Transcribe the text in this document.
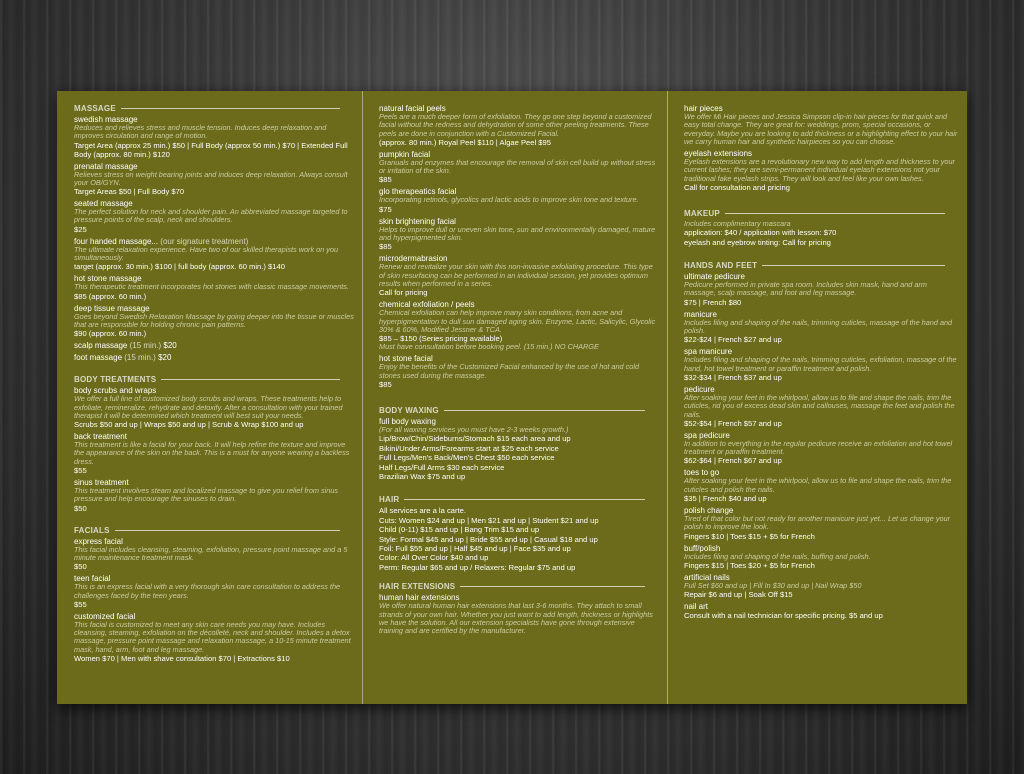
MASSAGE
swedish massage
Reduces and relieves stress and muscle tension. Induces deep relaxation and improves circulation and range of motion.
Target Area (approx 25 min.) $50 | Full Body (approx 50 min.) $70 | Extended Full Body (approx. 80 min.) $120
prenatal massage
Relieves stress on weight bearing joints and induces deep relaxation. Always consult your OB/GYN.
Target Areas $50 | Full Body $70
seated massage
The perfect solution for neck and shoulder pain. An abbreviated massage targeted to pressure points of the scalp, neck and shoulders.
$25
four handed massage... (our signature treatment)
The ultimate relaxation experience. Have two of our skilled therapists work on you simultaneously.
target (approx. 30 min.) $100 | full body (approx. 60 min.) $140
hot stone massage
This therapeutic treatment incorporates hot stones with classic massage movements.
$85 (approx. 60 min.)
deep tissue massage
Goes beyond Swedish Relaxation Massage by going deeper into the tissue or muscles that are responsible for holding chronic pain patterns.
$90 (approx. 60 min.)
scalp massage (15 min.) $20
foot massage (15 min.) $20
BODY TREATMENTS
body scrubs and wraps
We offer a full line of customized body scrubs and wraps. These treatments help to exfoliate, remineralize, rehydrate and detoxify. After a consultation with your trained therapist it will be determined which treatment will best suit your needs.
Scrubs $50 and up | Wraps $50 and up | Scrub & Wrap $100 and up
back treatment
This treatment is like a facial for your back. It will help refine the texture and improve the appearance of the skin on the back. This is a must for anyone wearing a backless dress.
$55
sinus treatment
This treatment involves steam and localized massage to give you relief from sinus pressure and help encourage the sinuses to drain.
$50
FACIALS
express facial
This facial includes cleansing, steaming, exfoliation, pressure point massage and a 5 minute maintenance treatment mask.
$50
teen facial
This is an express facial with a very thorough skin care consultation to address the challenges faced by the teen years.
$55
customized facial
This facial is customized to meet any skin care needs you may have. Includes cleansing, steaming, exfoliation on the décolleté, neck and shoulder. Includes a detox massage, pressure point massage and relaxation massage, a 10-15 minute treatment mask, hand, arm, foot and leg massage.
Women $70 | Men with shave consultation $70 | Extractions $10
natural facial peels
Peels are a much deeper form of exfoliation. They go one step beyond a customized facial without the redness and dehydration of some other peeling treatments. These peels are done in conjunction with a Customized Facial.
(approx. 80 min.) Royal Peel $110 | Algae Peel $95
pumpkin facial
Granuals and enzymes that encourage the removal of skin cell build up without stress or irritation of the skin.
$85
glo therapeatics facial
Incorporating retinols, glycolics and lactic acids to improve skin tone and texture.
$75
skin brightening facial
Helps to improve dull or uneven skin tone, sun and environmentally damaged, mature and hyperpigmented skin.
$85
microdermabrasion
Renew and revitalize your skin with this non-invasive exfoliating procedure. This type of skin resurfacing can be performed in an individual session, yet provides optimum results when performed in a series.
Call for pricing
chemical exfoliation / peels
Chemical exfoliation can help improve many skin conditions, from acne and hyperpigmentation to dull sun damaged aging skin. Enzyme, Lactic, Salicylic, Glycolic 30% & 60%, Modified Jessner & TCA.
$85 – $150 (Series pricing available)
Must have consultation before booking peel. (15 min.) NO CHARGE
hot stone facial
Enjoy the benefits of the Customized Facial enhanced by the use of hot and cold stones used during the massage.
$85
BODY WAXING
full body waxing
(For all waxing services you must have 2-3 weeks growth.)
Lip/Brow/Chin/Sideburns/Stomach $15 each area and up
Bikini/Under Arms/Forearms start at $25 each service
Full Legs/Men's Back/Men's Chest $50 each service
Half Legs/Full Arms $30 each service
Brazilian Wax $75 and up
HAIR
All services are a la carte.
Cuts: Women $24 and up | Men $21 and up | Student $21 and up
Child (0-11) $15 and up | Bang Trim $15 and up
Style: Formal $45 and up | Bride $55 and up | Casual $18 and up
Foil: Full $55 and up | Half $45 and up | Face $35 and up
Color: All Over Color $40 and up
Perm: Regular $65 and up / Relaxers: Regular $75 and up
HAIR EXTENSIONS
human hair extensions
We offer natural human hair extensions that last 3-6 months. They attach to small strands of your own hair. Whether you just want to add length, thickness or highlights we have the solution. All our extension specialists have gone through extensive training and are certified by the manufacturer.
hair pieces
We offer Mi Hair pieces and Jessica Simpson clip-in hair pieces for that quick and easy total change. They are great for: weddings, prom, special occasions, or everyday. Maybe you are looking to add thickness or a highlighting effect to your hair we carry human hair and synthetic hairpieces so you can choose.
eyelash extensions
Eyelash extensions are a revolutionary new way to add length and thickness to your current lashes; they are semi-permanent individual eyelash extensions not your traditional fake eyelash strips. They will look and feel like your own lashes.
Call for consultation and pricing
MAKEUP
Includes complimentary mascara
application: $40 / application with lesson: $70
eyelash and eyebrow tinting: Call for pricing
HANDS AND FEET
ultimate pedicure
Pedicure performed in private spa room. Includes skin mask, hand and arm massage, scalp massage, and foot and leg massage.
$75 | French $80
manicure
Includes filing and shaping of the nails, trimming cuticles, massage of the hand and polish.
$22-$24 | French $27 and up
spa manicure
Includes filing and shaping of the nails, trimming cuticles, exfoliation, massage of the hand, hot towel treatment or paraffin treatment and polish.
$32-$34 | French $37 and up
pedicure
After soaking your feet in the whirlpool, allow us to file and shape the nails, trim the cuticles, rid you of excess dead skin and callouses, massage the feet and polish the nails.
$52-$54 | French $57 and up
spa pedicure
In addition to everything in the regular pedicure receive an exfoliation and hot towel treatment or paraffin treatment.
$62-$64 | French $67 and up
toes to go
After soaking your feet in the whirlpool, allow us to file and shape the nails, trim the cuticles and polish the nails.
$35 | French $40 and up
polish change
Tired of that color but not ready for another manicure just yet... Let us change your polish to improve the look.
Fingers $10 | Toes $15 + $5 for French
buff/polish
Includes filing and shaping of the nails, buffing and polish.
Fingers $15 | Toes $20 + $5 for French
artificial nails
Full Set $60 and up | Fill In $30 and up | Nail Wrap $50
Repair $6 and up | Soak Off $15
nail art
Consult with a nail technician for specific pricing. $5 and up
